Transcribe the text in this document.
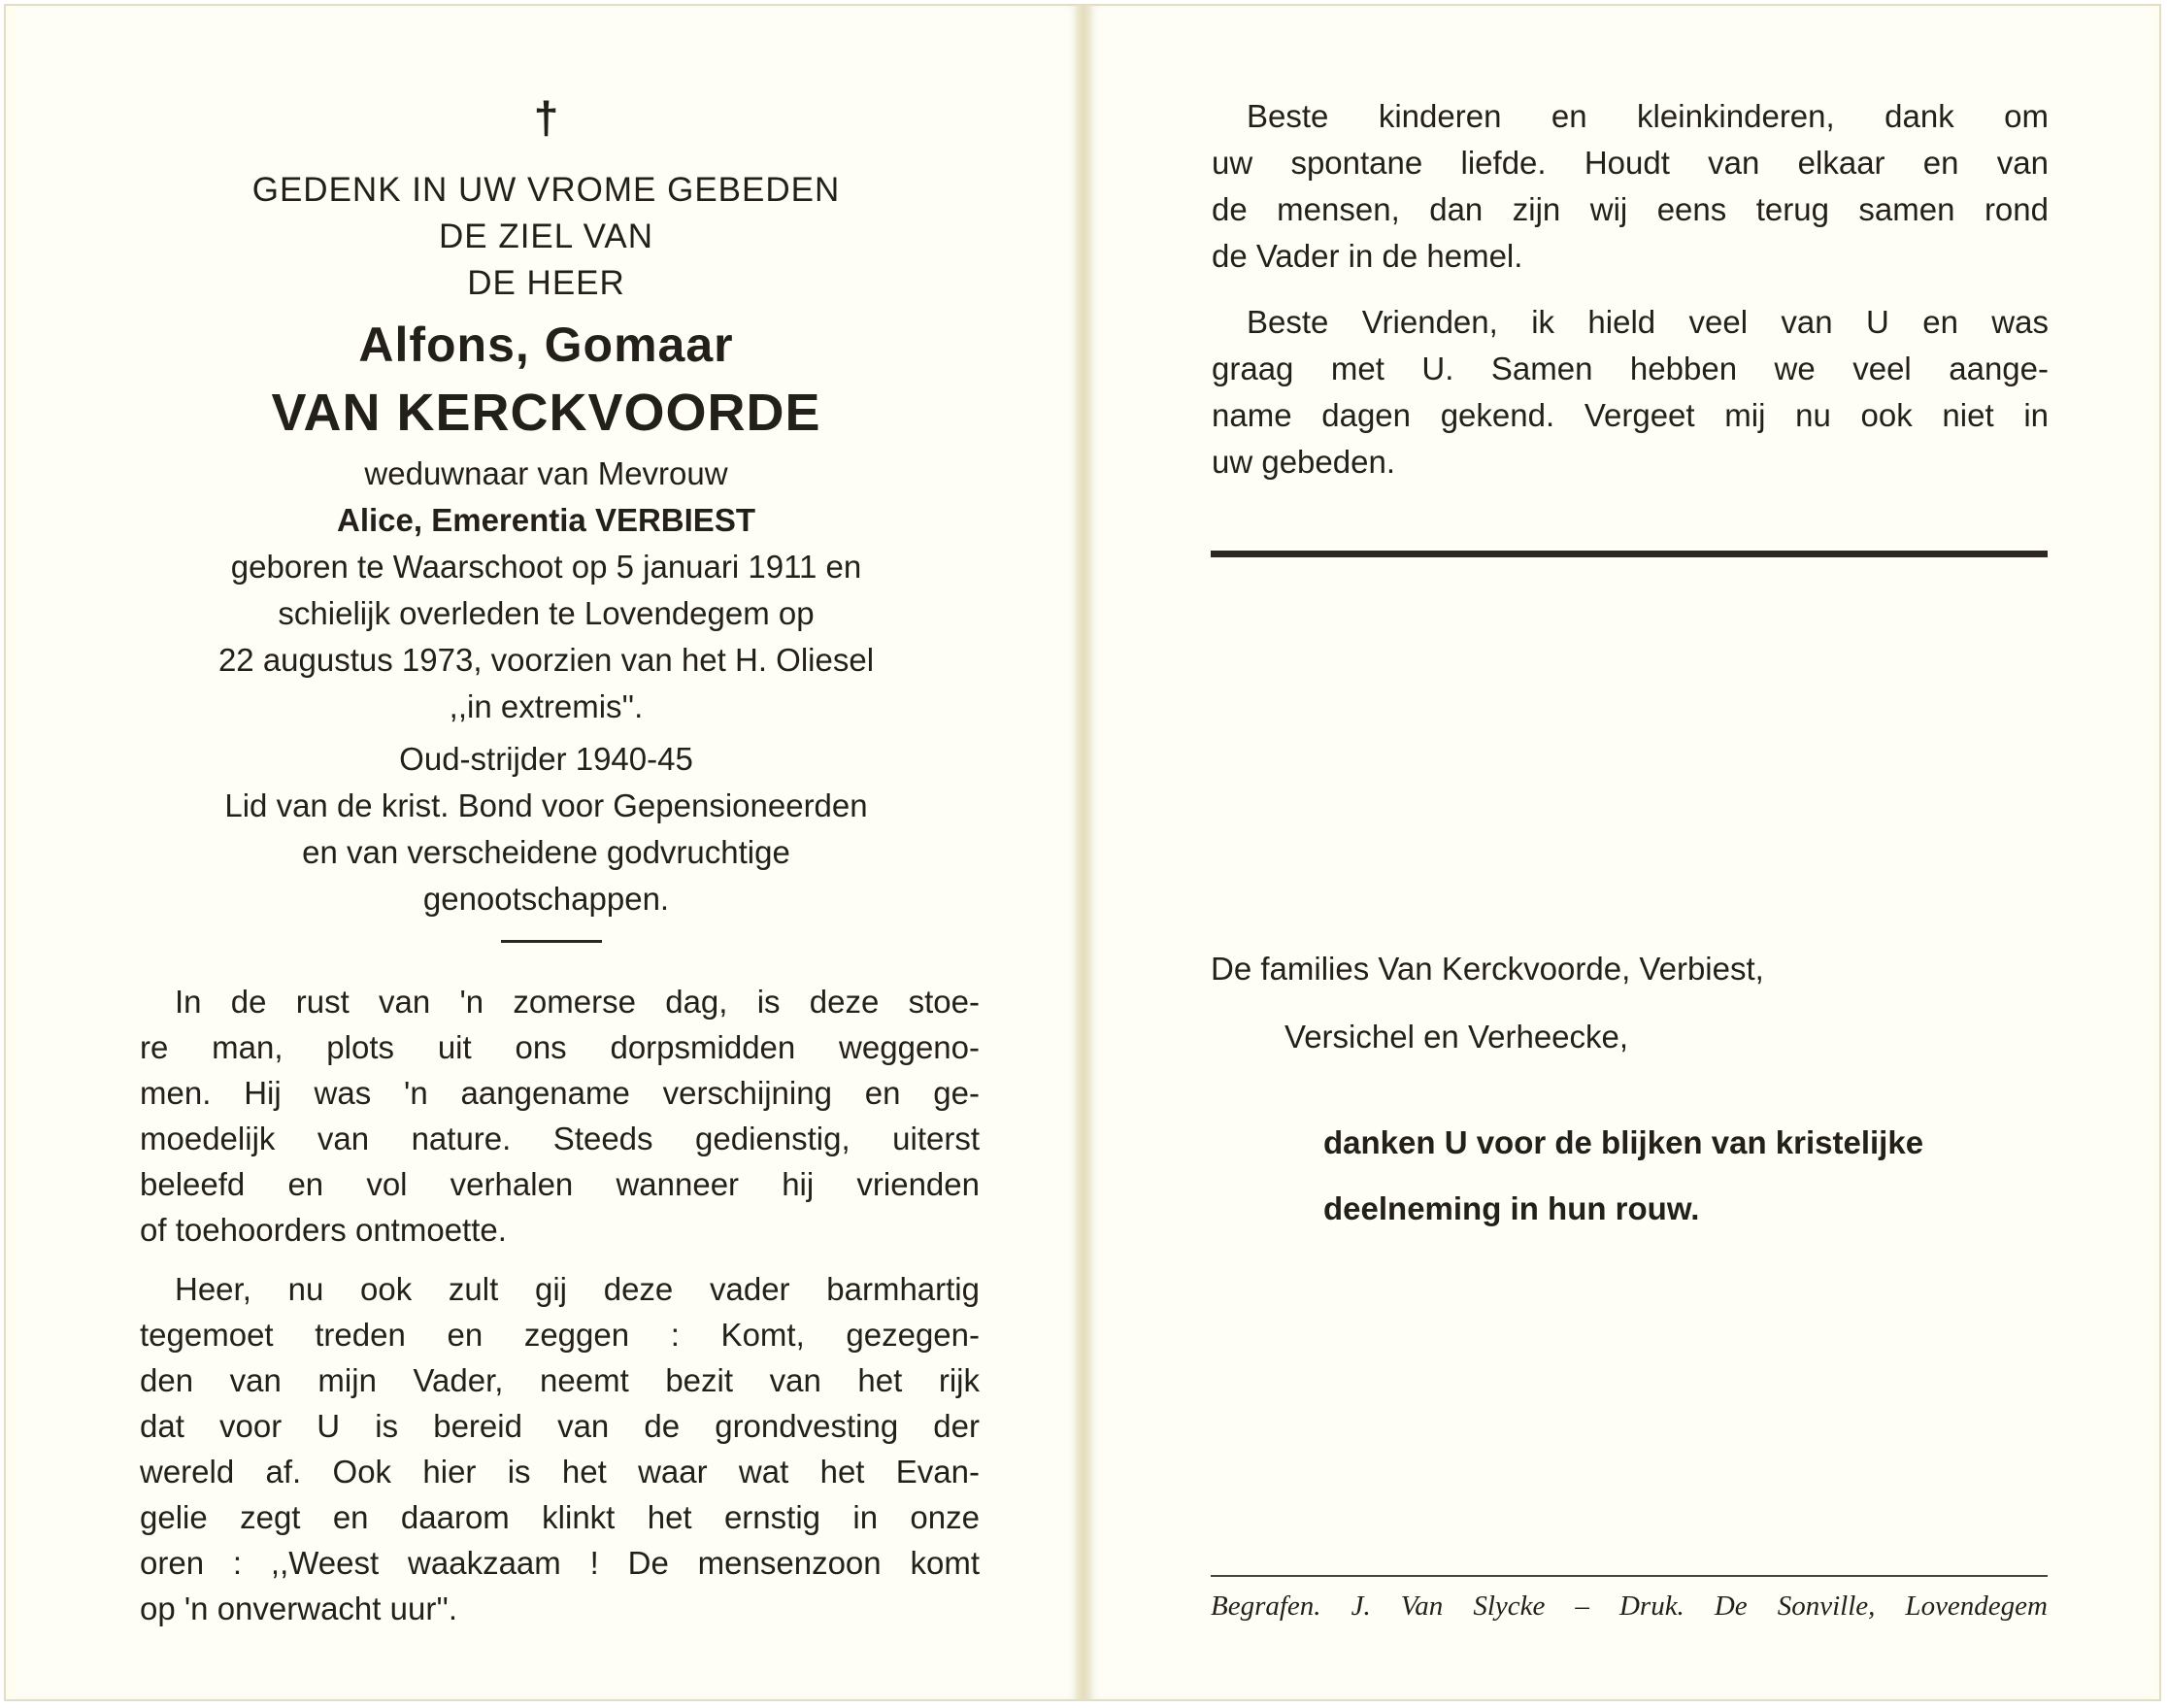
†
GEDENK IN UW VROME GEBEDEN
DE ZIEL VAN
DE HEER
Alfons, Gomaar
VAN KERCKVOORDE
weduwnaar van Mevrouw
Alice, Emerentia VERBIEST
geboren te Waarschoot op 5 januari 1911 en
schielijk overleden te Lovendegem op
22 augustus 1973, voorzien van het H. Oliesel
,,in extremis''.
Oud-strijder 1940-45
Lid van de krist. Bond voor Gepensioneerden
en van verscheidene godvruchtige
genootschappen.
In de rust van 'n zomerse dag, is deze stoe-
re man, plots uit ons dorpsmidden weggeno-
men. Hij was 'n aangename verschijning en ge-
moedelijk van nature. Steeds gedienstig, uiterst
beleefd en vol verhalen wanneer hij vrienden
of toehoorders ontmoette.
Heer, nu ook zult gij deze vader barmhartig
tegemoet treden en zeggen : Komt, gezegen-
den van mijn Vader, neemt bezit van het rijk
dat voor U is bereid van de grondvesting der
wereld af. Ook hier is het waar wat het Evan-
gelie zegt en daarom klinkt het ernstig in onze
oren : ,,Weest waakzaam ! De mensenzoon komt
op 'n onverwacht uur''.
Beste kinderen en kleinkinderen, dank om
uw spontane liefde. Houdt van elkaar en van
de mensen, dan zijn wij eens terug samen rond
de Vader in de hemel.
Beste Vrienden, ik hield veel van U en was
graag met U. Samen hebben we veel aange-
name dagen gekend. Vergeet mij nu ook niet in
uw gebeden.
De families Van Kerckvoorde, Verbiest,
Versichel en Verheecke,
danken U voor de blijken van kristelijke
deelneming in hun rouw.
Begrafen. J. Van Slycke – Druk. De Sonville, Lovendegem
